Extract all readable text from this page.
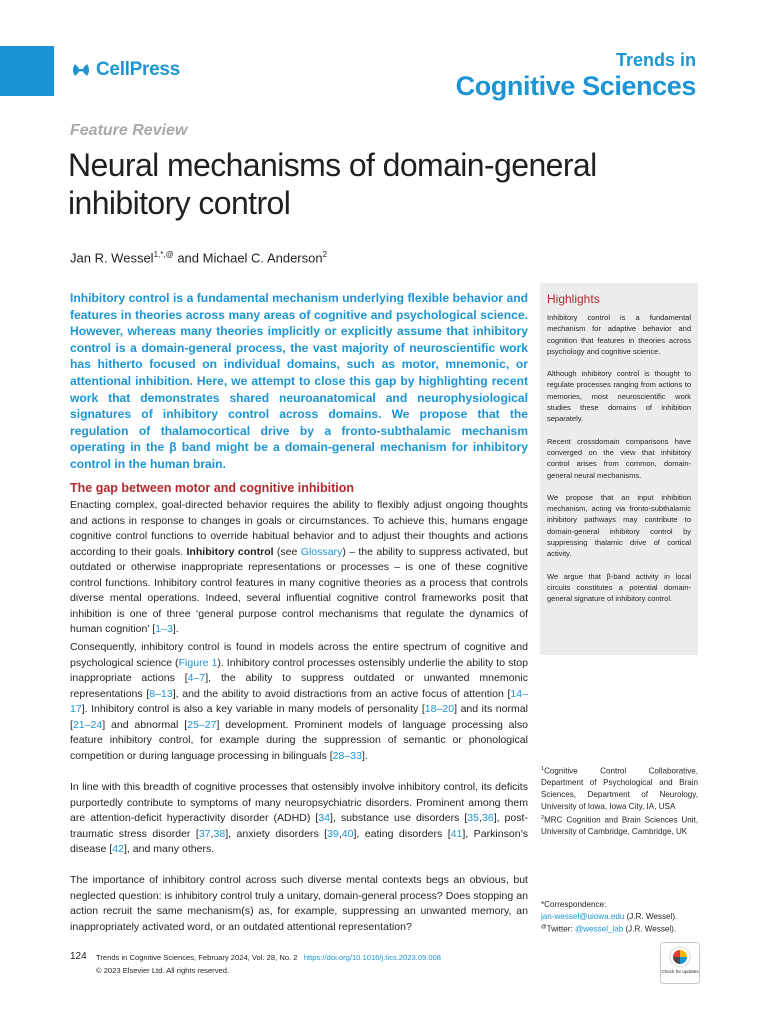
CellPress	Trends in
Cognitive Sciences
Feature Review
Neural mechanisms of domain-general inhibitory control
Jan R. Wessel$^{1,*,@}$ and Michael C. Anderson$^2$

Inhibitory control is a fundamental mechanism underlying flexible behavior and features in theories across many areas of cognitive and psychological science. However, whereas many theories implicitly or explicitly assume that inhibitory control is a domain-general process, the vast majority of neuroscientific work has hitherto focused on individual domains, such as motor, mnemonic, or attentional inhibition. Here, we attempt to close this gap by highlighting recent work that demonstrates shared neuroanatomical and neurophysiological signatures of inhibitory control across domains. We propose that the regulation of thalamocortical drive by a fronto-subthalamic mechanism operating in the β band might be a domain-general mechanism for inhibitory control in the human brain.

The gap between motor and cognitive inhibition

Enacting complex, goal-directed behavior requires the ability to flexibly adjust ongoing thoughts and actions in response to changes in goals or circumstances. To achieve this, humans engage cognitive control functions to override habitual behavior and to adjust their thoughts and actions according to their goals. Inhibitory control (see Glossary) – the ability to suppress activated, but outdated or otherwise inappropriate representations or processes – is one of these cognitive control functions. Inhibitory control features in many cognitive theories as a process that controls diverse mental operations. Indeed, several influential cognitive control frameworks posit that inhibition is one of three ‘general purpose control mechanisms that regulate the dynamics of human cognition’ [1–3].

Consequently, inhibitory control is found in models across the entire spectrum of cognitive and psychological science (Figure 1). Inhibitory control processes ostensibly underlie the ability to stop inappropriate actions [4–7], the ability to suppress outdated or unwanted mnemonic representations [8–13], and the ability to avoid distractions from an active focus of attention [14–17]. Inhibitory control is also a key variable in many models of personality [18–20] and its normal [21–24] and abnormal [25–27] development. Prominent models of language processing also feature inhibitory control, for example during the suppression of semantic or phonological competition or during language processing in bilinguals [28–33].

In line with this breadth of cognitive processes that ostensibly involve inhibitory control, its deficits purportedly contribute to symptoms of many neuropsychiatric disorders. Prominent among them are attention-deficit hyperactivity disorder (ADHD) [34], substance use disorders [35,36], post-traumatic stress disorder [37,38], anxiety disorders [39,40], eating disorders [41], Parkinson’s disease [42], and many others.

The importance of inhibitory control across such diverse mental contexts begs an obvious, but neglected question: is inhibitory control truly a unitary, domain-general process? Does stopping an action recruit the same mechanism(s) as, for example, suppressing an unwanted memory, an inappropriately activated word, or an outdated attentional representation?

Highlights

Inhibitory control is a fundamental mechanism for adaptive behavior and cognition that features in theories across psychology and cognitive science.

Although inhibitory control is thought to regulate processes ranging from actions to memories, most neuroscientific work studies these domains of inhibition separately.

Recent crossdomain comparisons have converged on the view that inhibitory control arises from common, domain-general neural mechanisms.

We propose that an input inhibition mechanism, acting via fronto-subthalamic inhibitory pathways may contribute to domain-general inhibitory control by suppressing thalamic drive of cortical activity.

We argue that β-band activity in local circuits constitutes a potential domain-general signature of inhibitory control.

$^1$Cognitive Control Collaborative, Department of Psychological and Brain Sciences, Department of Neurology, University of Iowa, Iowa City, IA, USA
$^2$MRC Cognition and Brain Sciences Unit, University of Cambridge, Cambridge, UK
*Correspondence:
jan-wessel@uiowa.edu (J.R. Wessel).
@Twitter: @wessel_lab (J.R. Wessel).
124 Trends in Cognitive Sciences, February 2024, Vol. 28, No. 2 https://doi.org/10.1016/j.tics.2023.09.008
© 2023 Elsevier Ltd. All rights reserved.	Check for updates
